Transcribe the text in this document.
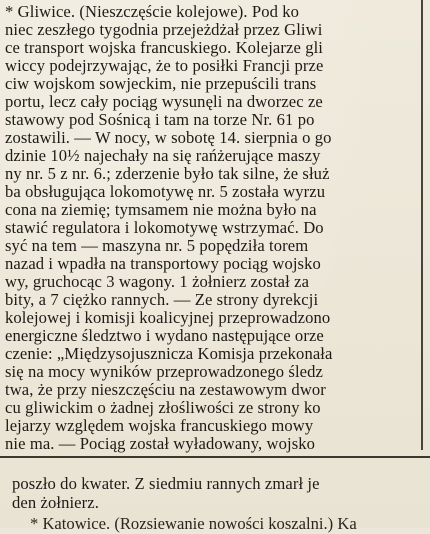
* Gliwice. (Nieszczęście kolejowe). Pod ko
niec zeszłego tygodnia przejeżdżał przez Gliwi
ce transport wojska francuskiego. Kolejarze gli
wiccy podejrzywając, że to posiłki Francji prze
ciw wojskom sowjeckim, nie przepuścili trans
portu, lecz cały pociąg wysunęli na dworzec ze
stawowy pod Sośnicą i tam na torze Nr. 61 po
zostawili. — W nocy, w sobotę 14. sierpnia o go
dzinie 10½ najechały na się rańżerujące maszy
ny nr. 5 z nr. 6.; zderzenie było tak silne, że służ
ba obsługująca lokomotywę nr. 5 została wyrzu
cona na ziemię; tymsamem nie można było na
stawić regulatora i lokomotywę wstrzymać. Do
syć na tem — maszyna nr. 5 popędziła torem
nazad i wpadła na transportowy pociąg wojsko
wy, gruchocąc 3 wagony. 1 żołnierz został za
bity, a 7 ciężko rannych. — Ze strony dyrekcji
kolejowej i komisji koalicyjnej przeprowadzono
energiczne śledztwo i wydano następujące orze
czenie: „Międzysojusznicza Komisja przekonała
się na mocy wyników przeprowadzonego śledz
twa, że przy nieszczęściu na zestawowym dwor
cu gliwickim o żadnej złośliwości ze strony ko
lejarzy względem wojska francuskiego mowy
nie ma. — Pociąg został wyładowany, wojsko
poszło do kwater. Z siedmiu rannych zmarł je
den żołnierz.
* Katowice. (Rozsiewanie nowości koszalni.) Ka
